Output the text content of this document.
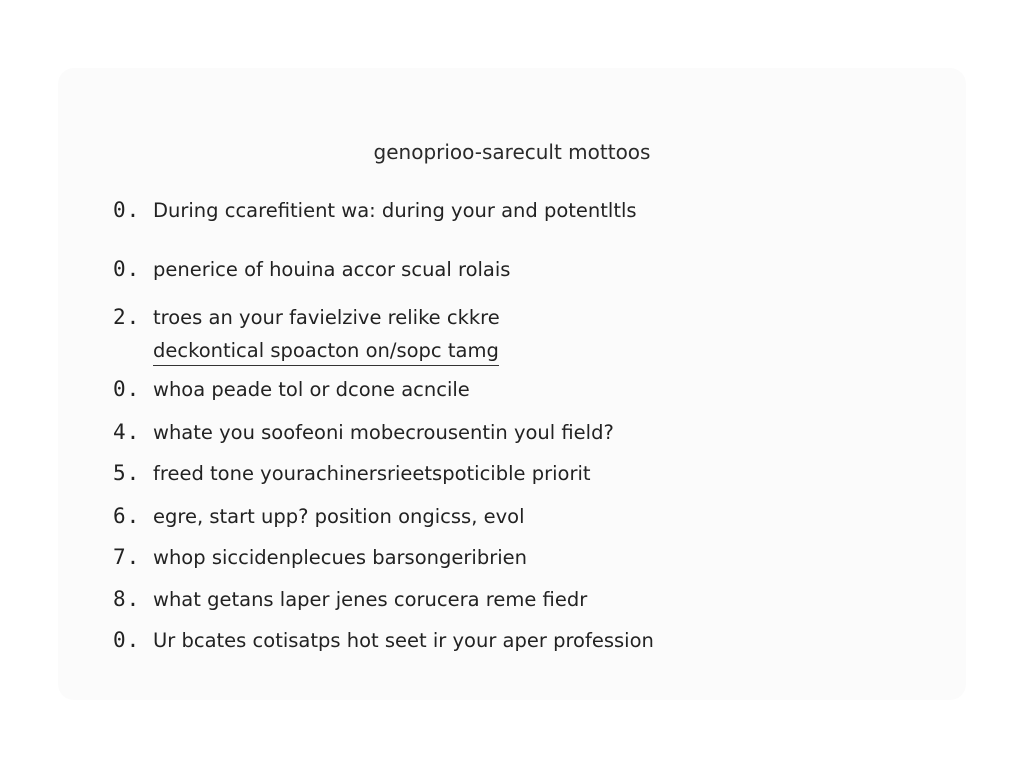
genoprioo-sarecult mottoos
0. During ccarefitient wa: during your and potentltls
0. penerice of houina accor scual rolais
2. troes an your favielzive relike ckkre
deckontical spoacton on/sopc tamg
0. whoa peade tol or dcone acncile
4. whate you soofeoni mobecrousentin youl field?
5. freed tone yourachinersrieetspoticible priorit
6. egre, start upp? position ongicss, evol
7. whop siccidenplecues barsongeribrien
8. what getans laper jenes corucera reme fiedr
0. Ur bcates cotisatps hot seet ir your aper profession
